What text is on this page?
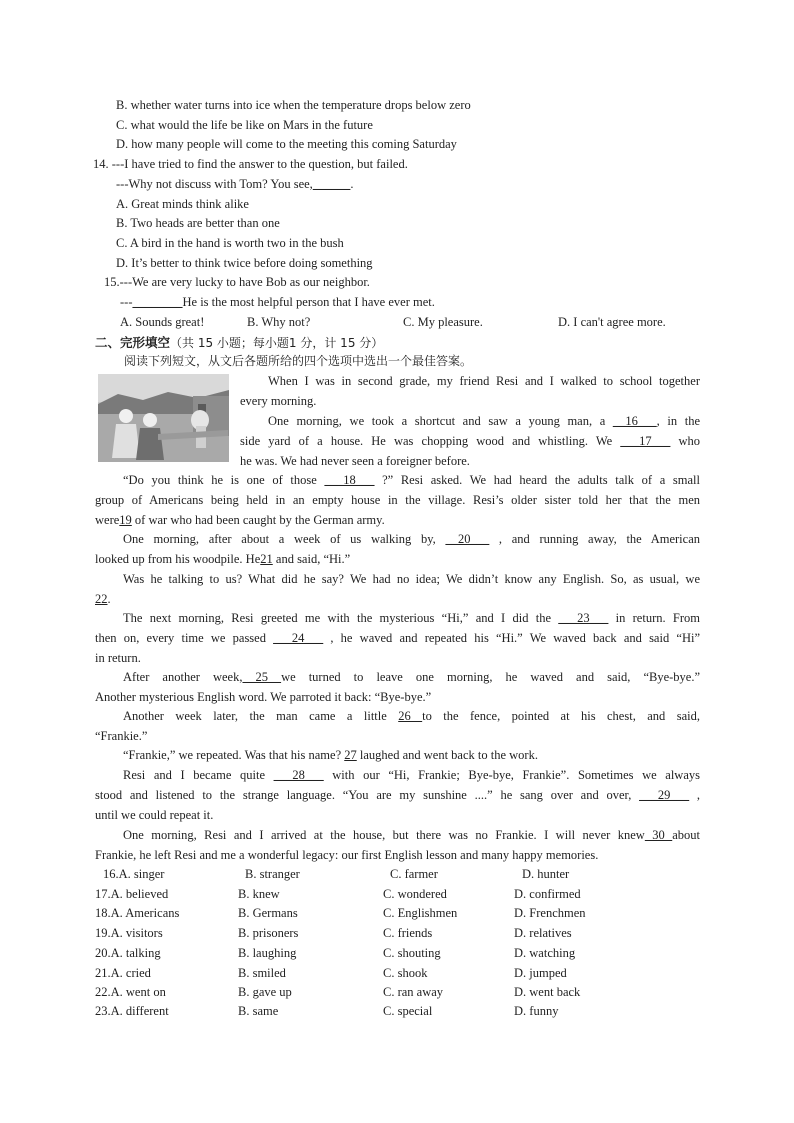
B. whether water turns into ice when the temperature drops below zero
C. what would the life be like on Mars in the future
D. how many people will come to the meeting this coming Saturday
14. ---I have tried to find the answer to the question, but failed.
---Why not discuss with Tom? You see,______.
A. Great minds think alike
B. Two heads are better than one
C. A bird in the hand is worth two in the bush
D. It’s better to think twice before doing something
15.---We are very lucky to have Bob as our neighbor.
---________He is the most helpful person that I have ever met.
A. Sounds great!	B. Why not?	C. My pleasure.	D. I can't agree more.
二、完形填空（共 15 小题；每小题1 分，计 15 分）
阅读下列短文，从文后各题所给的四个选项中选出一个最佳答案。
When I was in second grade, my friend Resi and I walked to school together
every morning.
One morning, we took a shortcut and saw a young man, a __16___, in the
side yard of a house. He was chopping wood and whistling. We ___17___ who
he was. We had never seen a foreigner before.
“Do you think he is one of those ___18___ ?” Resi asked. We had heard the adults talk of a small
group of Americans being held in an empty house in the village. Resi’s older sister told her that the men
were19 of war who had been caught by the German army.
One morning, after about a week of us walking by, __20___ , and running away, the American
looked up from his woodpile. He21 and said, “Hi.”
Was he talking to us? What did he say? We had no idea; We didn’t know any English. So, as usual, we
22.
The next morning, Resi greeted me with the mysterious “Hi,” and I did the ___23___ in return. From
then on, every time we passed ___24___ , he waved and repeated his “Hi.” We waved back and said “Hi”
in return.
After another week, 25 we turned to leave one morning, he waved and said, “Bye-bye.”
Another mysterious English word. We parroted it back: “Bye-bye.”
Another week later, the man came a little 26 to the fence, pointed at his chest, and said,
“Frankie.”
“Frankie,” we repeated. Was that his name? 27 laughed and went back to the work.
Resi and I became quite ___28___ with our “Hi, Frankie; Bye-bye, Frankie”. Sometimes we always
stood and listened to the strange language. “You are my sunshine ....” he sang over and over, ___29___ ,
until we could repeat it.
One morning, Resi and I arrived at the house, but there was no Frankie. I will never knew 30 about
Frankie, he left Resi and me a wonderful legacy: our first English lesson and many happy memories.
16.A. singer	B. stranger	C. farmer	D. hunter
17.A. believed	B. knew	C. wondered	D. confirmed
18.A. Americans	B. Germans	C. Englishmen	D. Frenchmen
19.A. visitors	B. prisoners	C. friends	D. relatives
20.A. talking	B. laughing	C. shouting	D. watching
21.A. cried	B. smiled	C. shook	D. jumped
22.A. went on	B. gave up	C. ran away	D. went back
23.A. different	B. same	C. special	D. funny
